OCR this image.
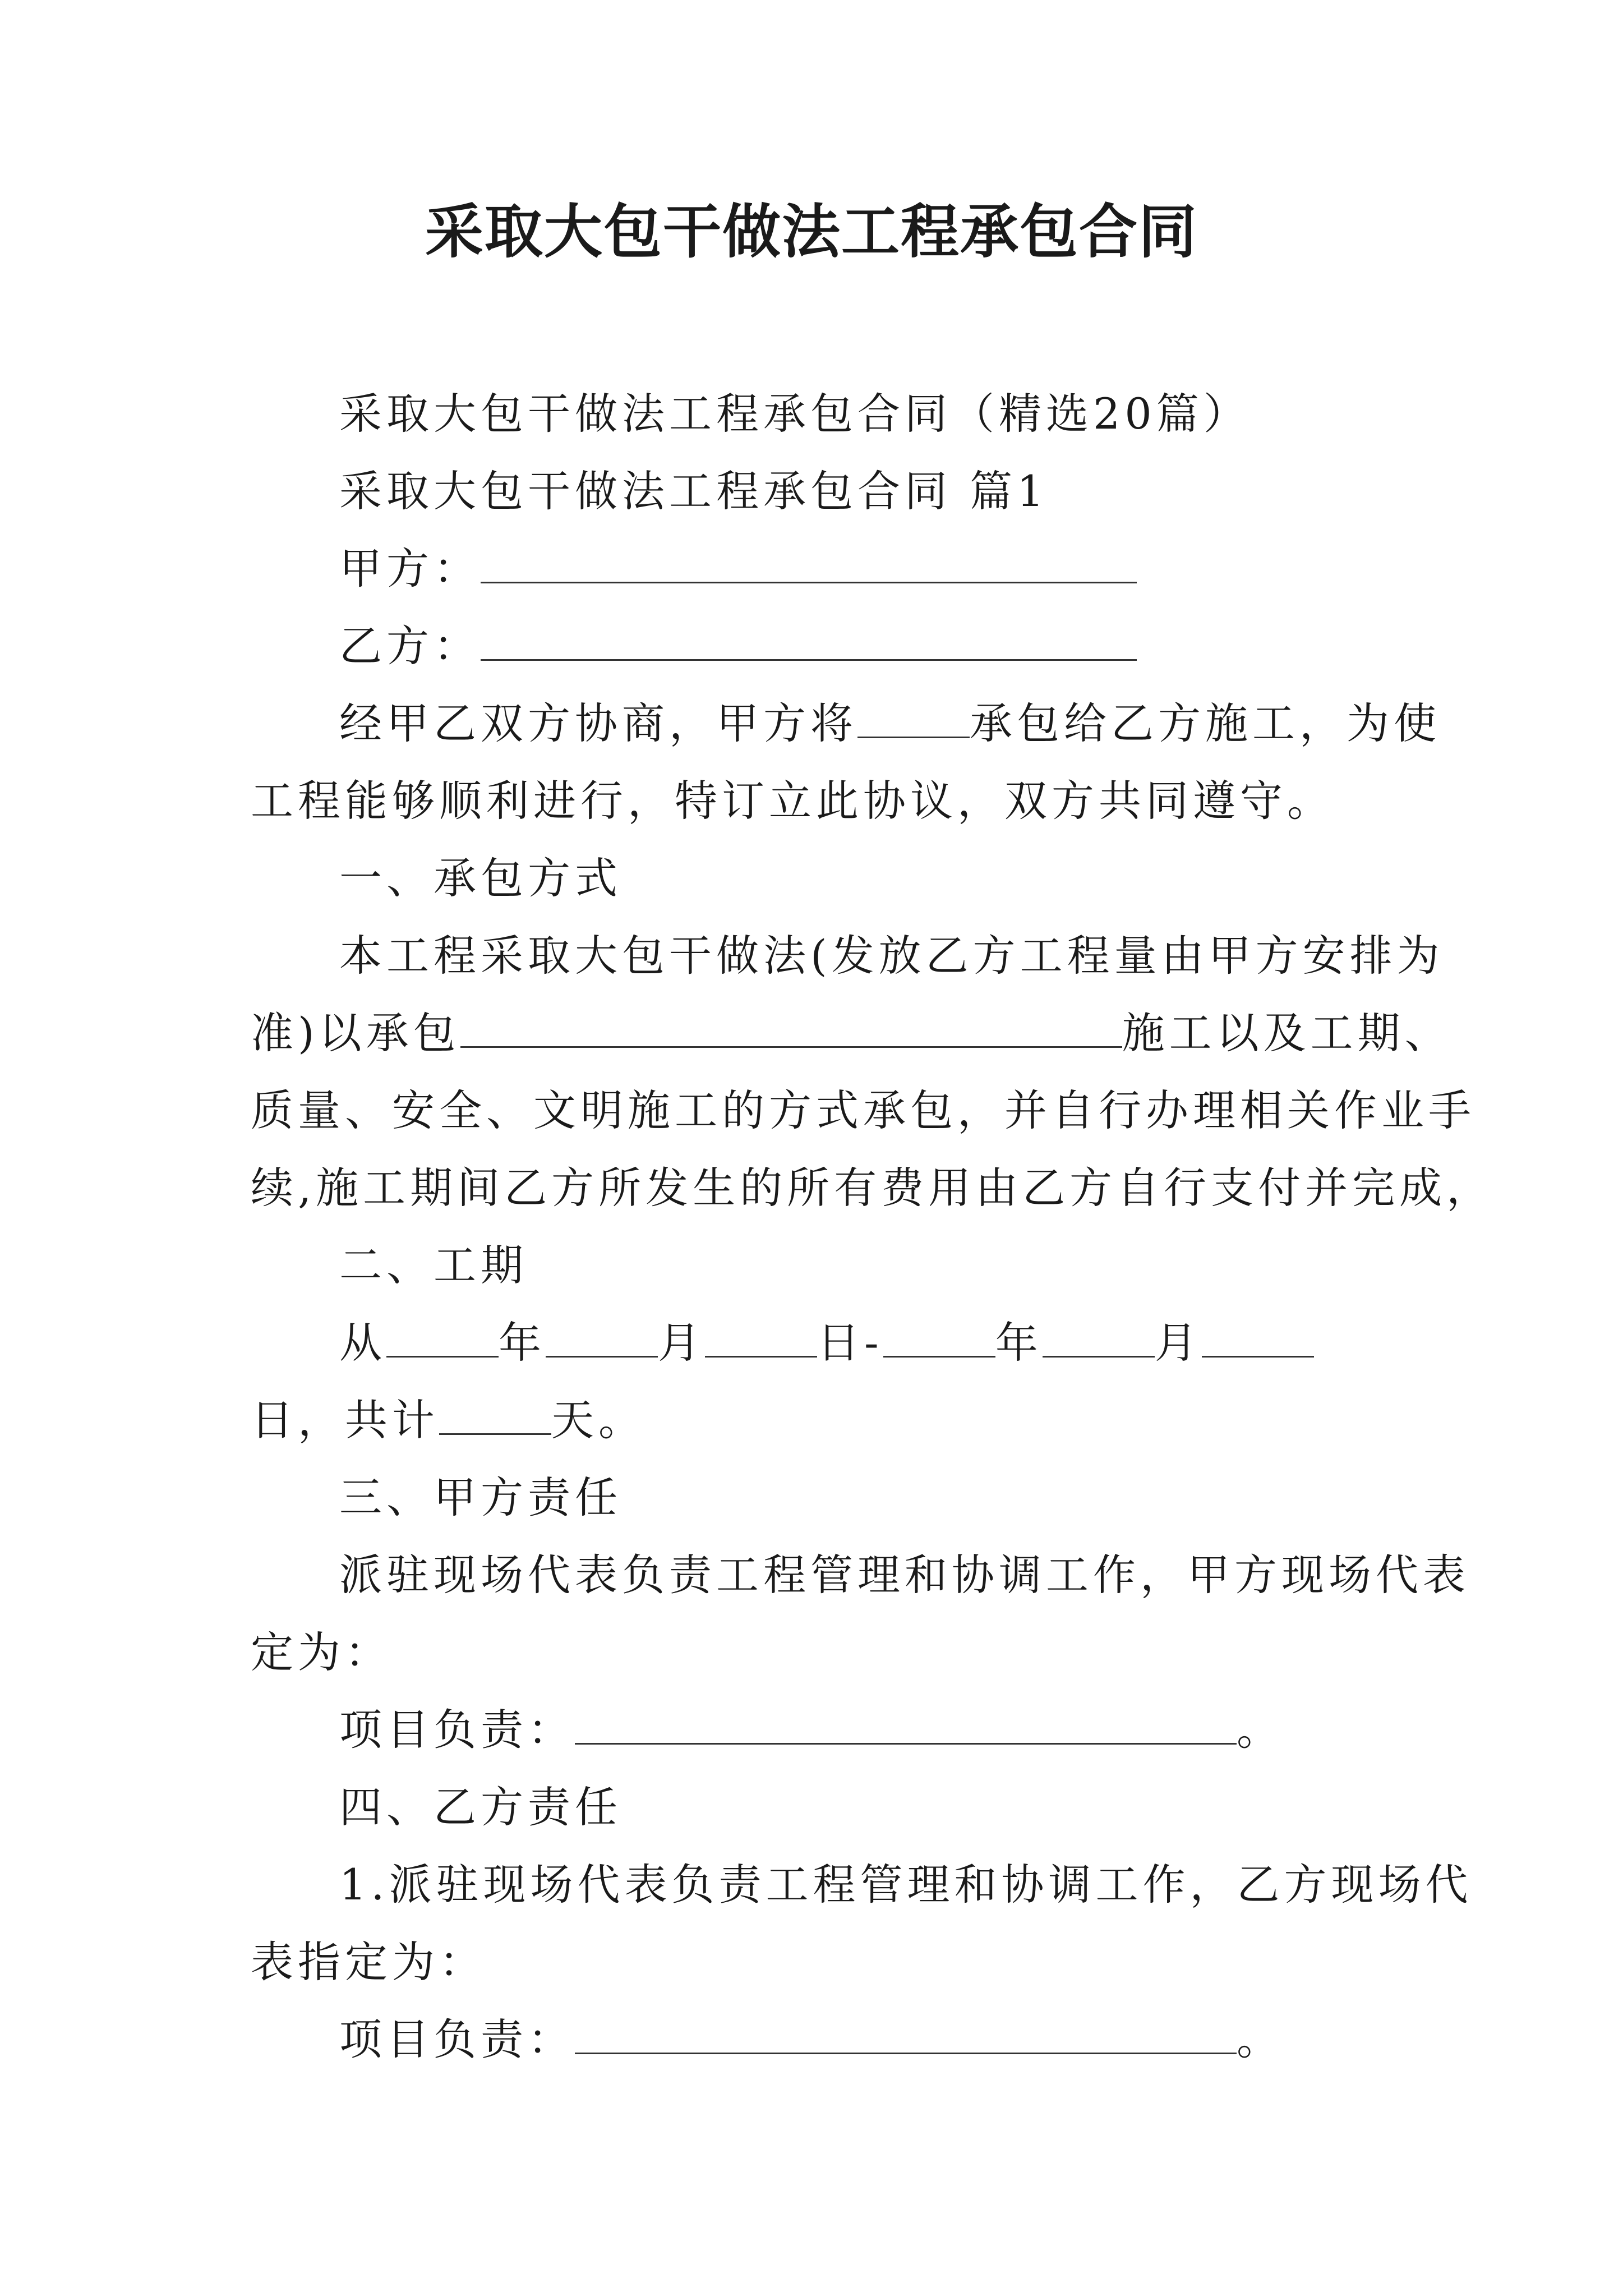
采取大包干做法工程承包合同
采取大包干做法工程承包合同（精选20篇）
采取大包干做法工程承包合同 篇1
甲方：
乙方：
经甲乙双方协商，甲方将	承包给乙方施工，为使
工程能够顺利进行，特订立此协议，双方共同遵守。
一、承包方式
本工程采取大包干做法(发放乙方工程量由甲方安排为
准)以承包	施工以及工期、
质量、安全、文明施工的方式承包，并自行办理相关作业手
续,施工期间乙方所发生的所有费用由乙方自行支付并完成，
二、工期
从	年	月	日-	年	月
日，共计	天。
三、甲方责任
派驻现场代表负责工程管理和协调工作，甲方现场代表
定为：
项目负责：	。
四、乙方责任
1.派驻现场代表负责工程管理和协调工作，乙方现场代
表指定为：
项目负责：	。
